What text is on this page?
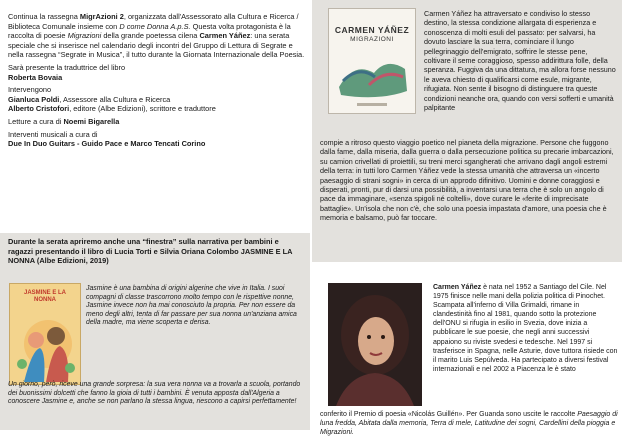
Continua la rassegna MigrAzioni 2, organizzata dall'Assessorato alla Cultura e Ricerca / Biblioteca Comunale insieme con D come Donna A.p.S. Questa volta protagonista è la raccolta di poesie Migrazioni della grande poetessa cilena Carmen Yáñez: una serata speciale che si inserisce nel calendario degli incontri del Gruppo di Lettura di Segrate e nella rassegna “Segrate in Musica”, il tutto durante la Giornata Internazionale della Poesia.

Sarà presente la traduttrice del libro
Roberta Bovaia

Intervengono
Gianluca Poldi, Assessore alla Cultura e Ricerca
Alberto Cristofori, editore (Albe Edizioni), scrittore e traduttore

Letture a cura di Noemi Bigarella

Interventi musicali a cura di
Due In Duo Guitars - Guido Pace e Marco Tencati Corino

Durante la serata apriremo anche una “finestra” sulla narrativa per bambini e ragazzi presentando il libro di Lucia Torti e Silvia Oriana Colombo JASMINE E LA NONNA (Albe Edizioni, 2019)
JASMINE E LA NONNA
Jasmine è una bambina di origini algerine che vive in Italia. I suoi compagni di classe trascorrono molto tempo con le rispettive nonne, Jasmine invece non ha mai conosciuto la propria. Per non essere da meno degli altri, tenta di far passare per sua nonna un'anziana amica della madre, ma viene scoperta e derisa.
Un giorno, però, riceve una grande sorpresa: la sua vera nonna va a trovarla a scuola, portando dei buonissimi dolcetti che fanno la gioia di tutti i bambini. È venuta apposta dall'Algeria a conoscere Jasmine e, anche se non parlano la stessa lingua, riescono a capirsi perfettamente!
CARMEN YÁÑEZ
MIGRAZIONI
Carmen Yáñez ha attraversato e condiviso lo stesso destino, la stessa condizione allargata di esperienza e conoscenza di molti esuli del passato: per salvarsi, ha dovuto lasciare la sua terra, cominciare il lungo pellegrinaggio dell'emigrato, soffrire le stesse pene, coltivare il seme coraggioso, spesso addirittura folle, della speranza. Fuggiva da una dittatura, ma allora forse nessuno le aveva chiesto di qualificarsi come esule, migrante, rifugiata. Non sente il bisogno di distinguere tra queste condizioni neanche ora, quando con versi sofferti e umanità palpitante
compie a ritroso questo viaggio poetico nel pianeta della migrazione. Persone che fuggono dalla fame, dalla miseria, dalla guerra o dalla persecuzione politica su precarie imbarcazioni, su camion crivellati di proiettili, su treni merci sgangherati che arrivano dagli angoli estremi della terra: in tutti loro Carmen Yáñez vede la stessa umanità che attraversa un «incerto paesaggio di strani sogni» in cerca di un approdo difinitivo. Uomini e donne coraggiosi e disperati, pronti, pur di darsi una possibilità, a inventarsi una terra che è solo un angolo di pace da immaginare, «senza spigoli né coltelli», dove curare le «ferite di imprecisate battaglie». Un'isola che non c'è, che solo una poesia impastata d'amore, una poesia che è memoria e balsamo, può far toccare.
Carmen Yáñez è nata nel 1952 a Santiago del Cile. Nel 1975 finisce nelle mani della polizia politica di Pinochet. Scampata all'inferno di Villa Grimaldi, rimane in clandestinità fino al 1981, quando sotto la protezione dell'ONU si rifugia in esilio in Svezia, dove inizia a pubblicare le sue poesie, che negli anni successivi appaiono su riviste svedesi e tedesche. Nel 1997 si trasferisce in Spagna, nelle Asturie, dove tuttora risiede con il marito Luis Sepúlveda. Ha partecipato a diversi festival internazionali e nel 2002 a Piacenza le è stato
conferito il Premio di poesia «Nicolás Guillén». Per Guanda sono uscite le raccolte Paesaggio di luna fredda, Abitata dalla memoria, Terra di mele, Latitudine dei sogni, Cardellini della pioggia e Migrazioni.
